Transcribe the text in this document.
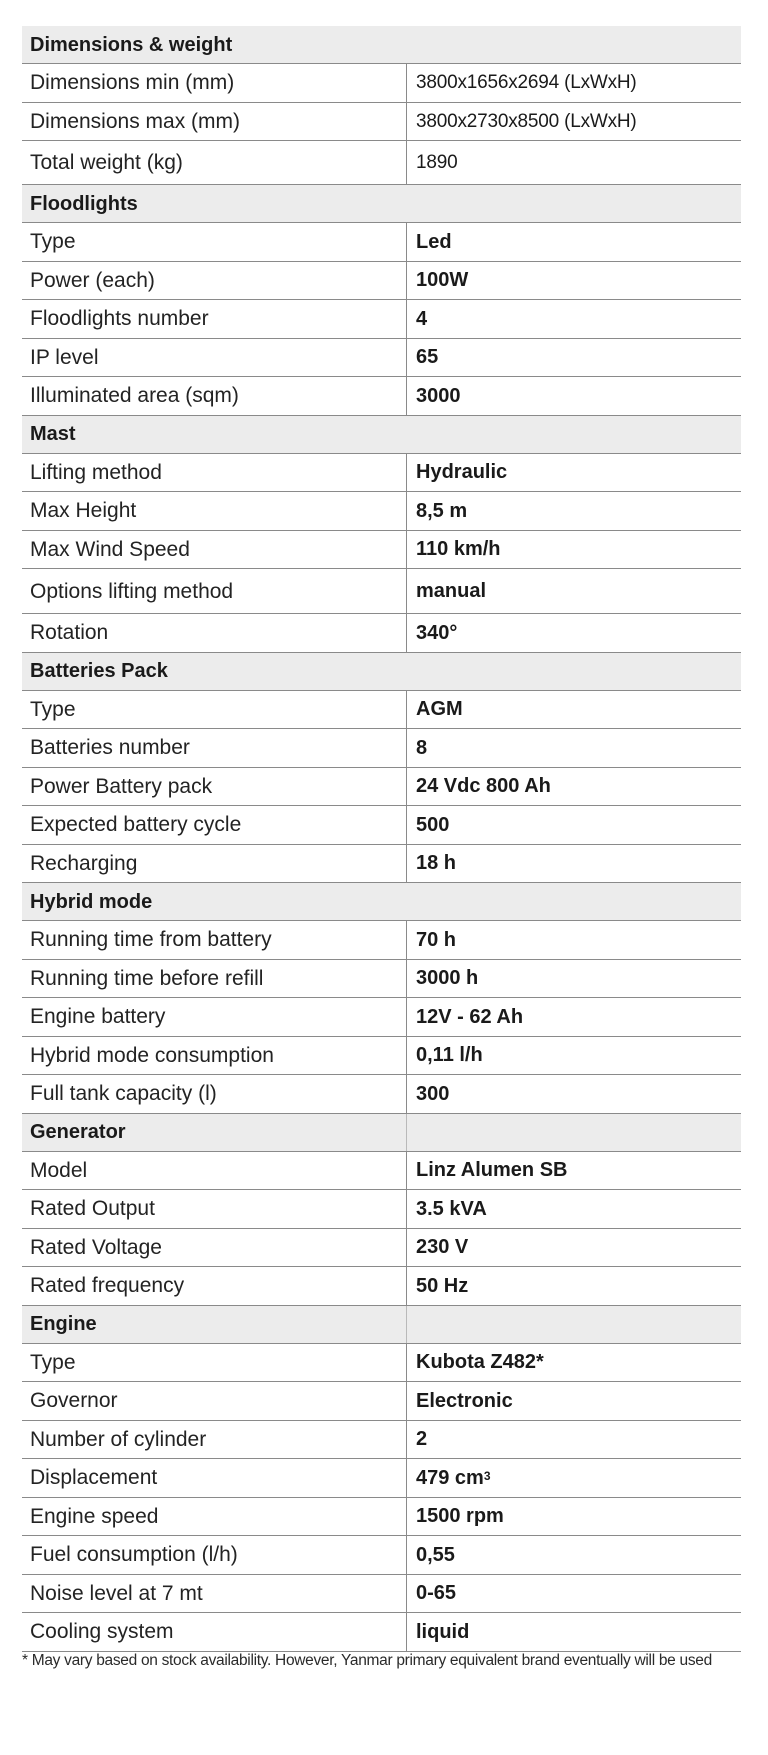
Dimensions & weight
Dimensions min (mm)	3800x1656x2694 (LxWxH)
Dimensions max (mm)	3800x2730x8500 (LxWxH)
Total weight (kg)	1890
Floodlights
Type	Led
Power (each)	100W
Floodlights number	4
IP level	65
Illuminated area (sqm)	3000
Mast
Lifting method	Hydraulic
Max Height	8,5 m
Max Wind Speed	110 km/h
Options lifting method	manual
Rotation	340°
Batteries Pack
Type	AGM
Batteries number	8
Power Battery pack	24 Vdc 800 Ah
Expected battery cycle	500
Recharging	18 h
Hybrid mode
Running time from battery	70 h
Running time before refill	3000 h
Engine battery	12V - 62 Ah
Hybrid mode consumption	0,11 l/h
Full tank capacity (l)	300
Generator
Model	Linz Alumen SB
Rated Output	3.5 kVA
Rated Voltage	230 V
Rated frequency	50 Hz
Engine
Type	Kubota Z482*
Governor	Electronic
Number of cylinder	2
Displacement	479 $cm^3$
Engine speed	1500 rpm
Fuel consumption (l/h)	0,55
Noise level at 7 mt	0-65
Cooling system	liquid
* May vary based on stock availability. However, Yanmar primary equivalent brand eventually will be used
